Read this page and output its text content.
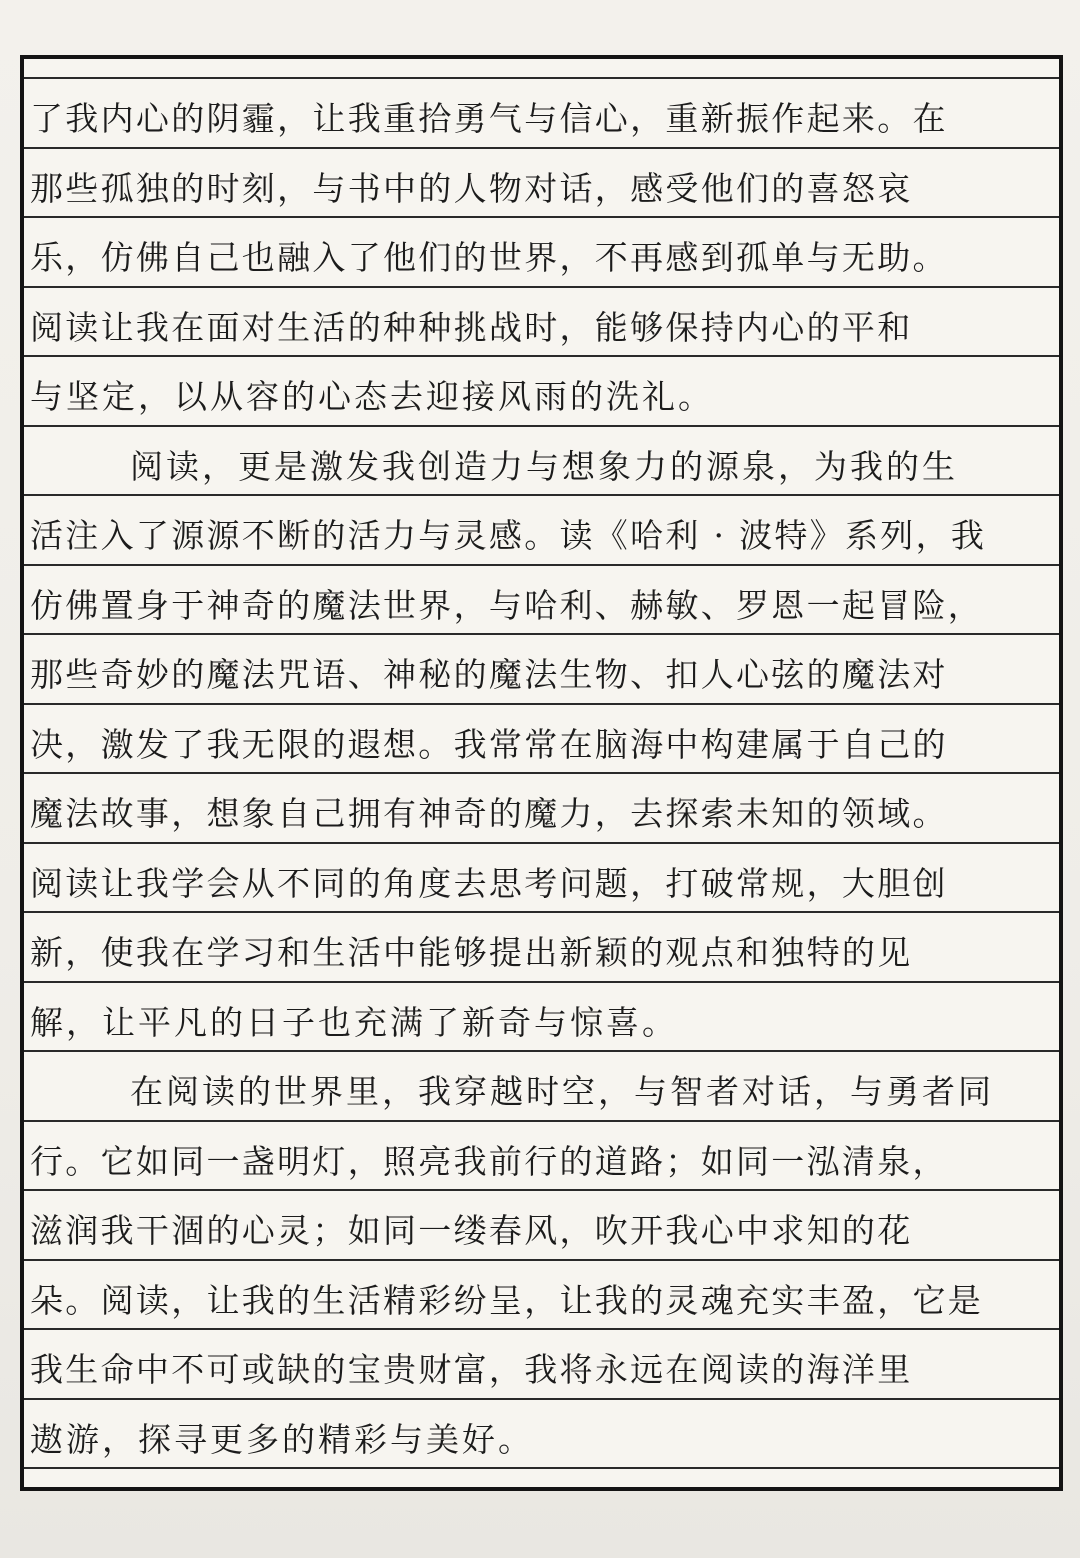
了我内心的阴霾，让我重拾勇气与信心，重新振作起来。在
那些孤独的时刻，与书中的人物对话，感受他们的喜怒哀
乐，仿佛自己也融入了他们的世界，不再感到孤单与无助。
阅读让我在面对生活的种种挑战时，能够保持内心的平和
与坚定，以从容的心态去迎接风雨的洗礼。
阅读，更是激发我创造力与想象力的源泉，为我的生
活注入了源源不断的活力与灵感。读《哈利 · 波特》系列，我
仿佛置身于神奇的魔法世界，与哈利、赫敏、罗恩一起冒险，
那些奇妙的魔法咒语、神秘的魔法生物、扣人心弦的魔法对
决，激发了我无限的遐想。我常常在脑海中构建属于自己的
魔法故事，想象自己拥有神奇的魔力，去探索未知的领域。
阅读让我学会从不同的角度去思考问题，打破常规，大胆创
新，使我在学习和生活中能够提出新颖的观点和独特的见
解，让平凡的日子也充满了新奇与惊喜。
在阅读的世界里，我穿越时空，与智者对话，与勇者同
行。它如同一盏明灯，照亮我前行的道路；如同一泓清泉，
滋润我干涸的心灵；如同一缕春风，吹开我心中求知的花
朵。阅读，让我的生活精彩纷呈，让我的灵魂充实丰盈，它是
我生命中不可或缺的宝贵财富，我将永远在阅读的海洋里
遨游，探寻更多的精彩与美好。
